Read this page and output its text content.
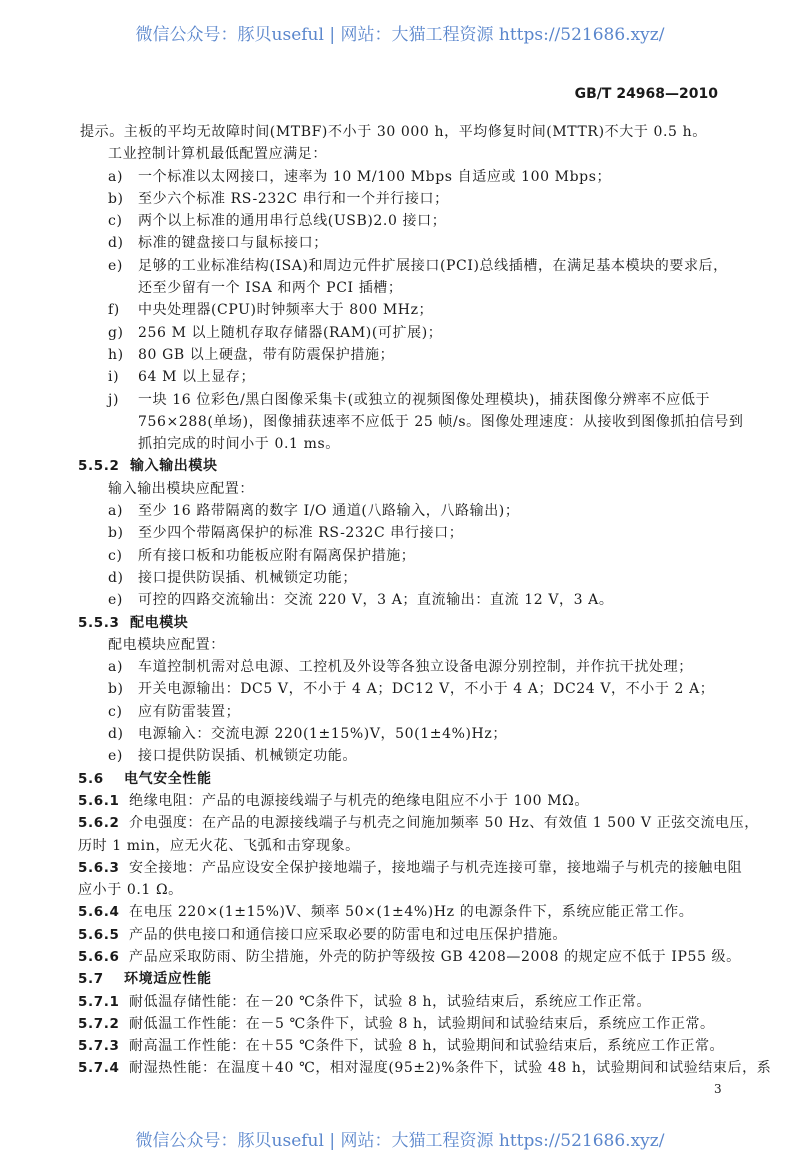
微信公众号：豚贝useful | 网站：大猫工程资源 https://521686.xyz/
GB/T 24968—2010
提示。主板的平均无故障时间(MTBF)不小于 30 000 h，平均修复时间(MTTR)不大于 0.5 h。
工业控制计算机最低配置应满足：
a) 一个标准以太网接口，速率为 10 M/100 Mbps 自适应或 100 Mbps；
b) 至少六个标准 RS-232C 串行和一个并行接口；
c) 两个以上标准的通用串行总线(USB)2.0 接口；
d) 标准的键盘接口与鼠标接口；
e) 足够的工业标准结构(ISA)和周边元件扩展接口(PCI)总线插槽，在满足基本模块的要求后，
还至少留有一个 ISA 和两个 PCI 插槽；
f) 中央处理器(CPU)时钟频率大于 800 MHz；
g) 256 M 以上随机存取存储器(RAM)(可扩展)；
h) 80 GB 以上硬盘，带有防震保护措施；
i) 64 M 以上显存；
j) 一块 16 位彩色/黑白图像采集卡(或独立的视频图像处理模块)，捕获图像分辨率不应低于
756×288(单场)，图像捕获速率不应低于 25 帧/s。图像处理速度：从接收到图像抓拍信号到
抓拍完成的时间小于 0.1 ms。
5.5.2 输入输出模块
输入输出模块应配置：
a) 至少 16 路带隔离的数字 I/O 通道(八路输入，八路输出)；
b) 至少四个带隔离保护的标准 RS-232C 串行接口；
c) 所有接口板和功能板应附有隔离保护措施；
d) 接口提供防误插、机械锁定功能；
e) 可控的四路交流输出：交流 220 V，3 A；直流输出：直流 12 V，3 A。
5.5.3 配电模块
配电模块应配置：
a) 车道控制机需对总电源、工控机及外设等各独立设备电源分别控制，并作抗干扰处理；
b) 开关电源输出：DC5 V，不小于 4 A；DC12 V，不小于 4 A；DC24 V，不小于 2 A；
c) 应有防雷装置；
d) 电源输入：交流电源 220(1±15%)V，50(1±4%)Hz；
e) 接口提供防误插、机械锁定功能。
5.6 电气安全性能
5.6.1 绝缘电阻：产品的电源接线端子与机壳的绝缘电阻应不小于 100 MΩ。
5.6.2 介电强度：在产品的电源接线端子与机壳之间施加频率 50 Hz、有效值 1 500 V 正弦交流电压，
历时 1 min，应无火花、飞弧和击穿现象。
5.6.3 安全接地：产品应设安全保护接地端子，接地端子与机壳连接可靠，接地端子与机壳的接触电阻
应小于 0.1 Ω。
5.6.4 在电压 220×(1±15%)V、频率 50×(1±4%)Hz 的电源条件下，系统应能正常工作。
5.6.5 产品的供电接口和通信接口应采取必要的防雷电和过电压保护措施。
5.6.6 产品应采取防雨、防尘措施，外壳的防护等级按 GB 4208—2008 的规定应不低于 IP55 级。
5.7 环境适应性能
5.7.1 耐低温存储性能：在－20 ℃条件下，试验 8 h，试验结束后，系统应工作正常。
5.7.2 耐低温工作性能：在－5 ℃条件下，试验 8 h，试验期间和试验结束后，系统应工作正常。
5.7.3 耐高温工作性能：在＋55 ℃条件下，试验 8 h，试验期间和试验结束后，系统应工作正常。
5.7.4 耐湿热性能：在温度＋40 ℃，相对湿度(95±2)%条件下，试验 48 h，试验期间和试验结束后，系
3
微信公众号：豚贝useful | 网站：大猫工程资源 https://521686.xyz/
